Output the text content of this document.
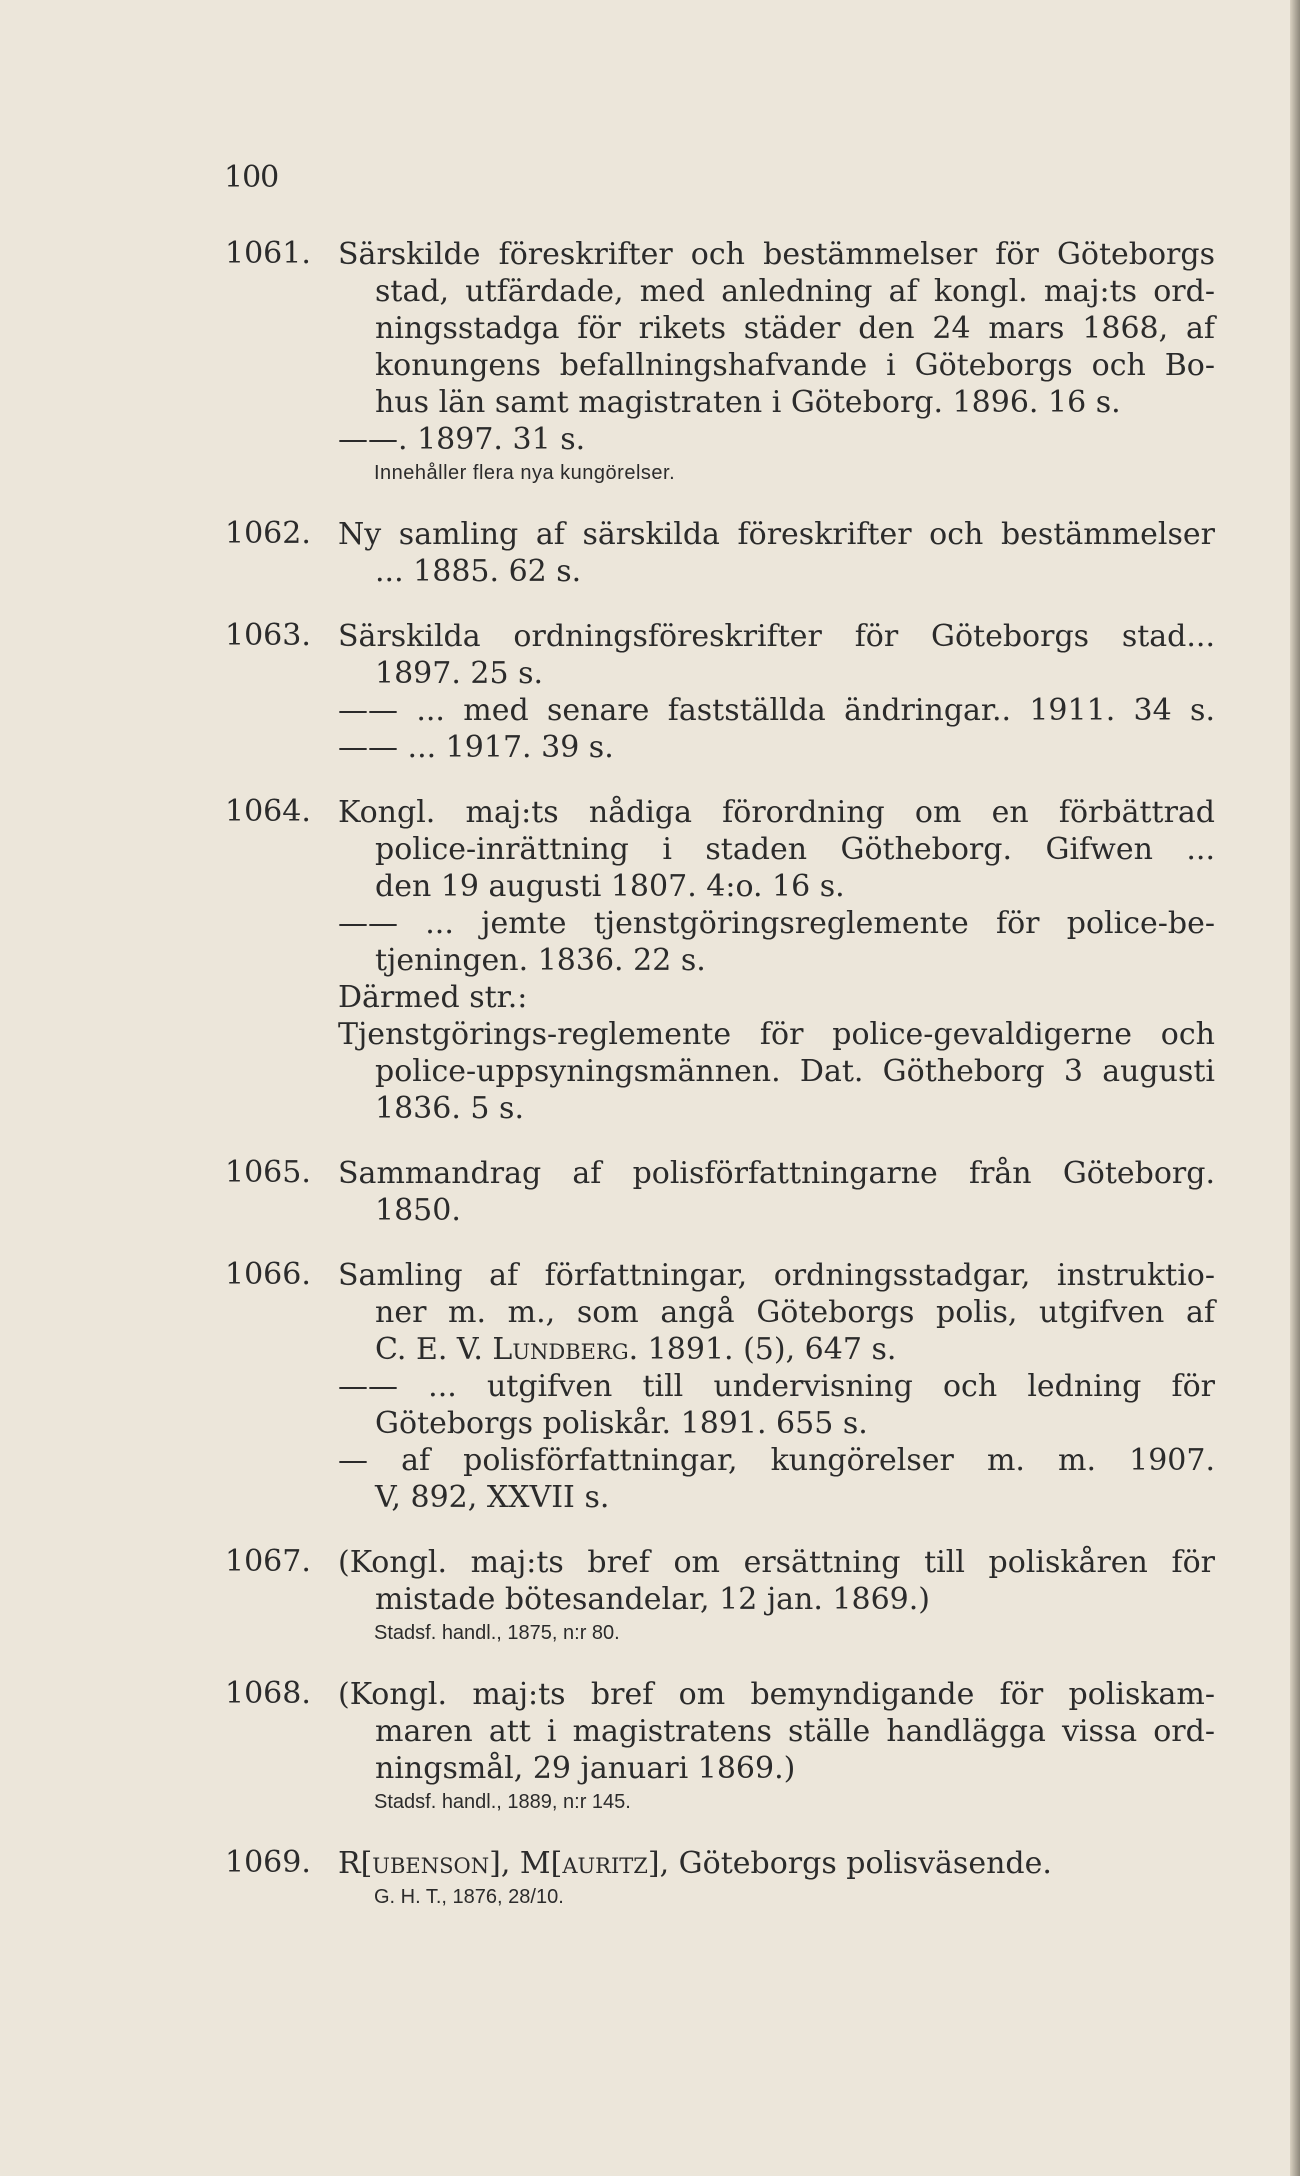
100
1061. Särskilde föreskrifter och bestämmelser för Göteborgs
stad, utfärdade, med anledning af kongl. maj:ts ord-
ningsstadga för rikets städer den 24 mars 1868, af
konungens befallningshafvande i Göteborgs och Bo-
hus län samt magistraten i Göteborg. 1896. 16 s.
——. 1897. 31 s.
Innehåller flera nya kungörelser.
1062. Ny samling af särskilda föreskrifter och bestämmelser
... 1885. 62 s.
1063. Särskilda ordningsföreskrifter för Göteborgs stad...
1897. 25 s.
—— ... med senare fastställda ändringar.. 1911. 34 s.
—— ... 1917. 39 s.
1064. Kongl. maj:ts nådiga förordning om en förbättrad
police-inrättning i staden Götheborg. Gifwen ...
den 19 augusti 1807. 4:o. 16 s.
—— ... jemte tjenstgöringsreglemente för police-be-
tjeningen. 1836. 22 s.
Därmed str.:
Tjenstgörings-reglemente för police-gevaldigerne och
police-uppsyningsmännen. Dat. Götheborg 3 augusti
1836. 5 s.
1065. Sammandrag af polisförfattningarne från Göteborg.
1850.
1066. Samling af författningar, ordningsstadgar, instruktio-
ner m. m., som angå Göteborgs polis, utgifven af
C. E. V. Lundberg. 1891. (5), 647 s.
—— ... utgifven till undervisning och ledning för
Göteborgs poliskår. 1891. 655 s.
— af polisförfattningar, kungörelser m. m. 1907.
V, 892, XXVII s.
1067. (Kongl. maj:ts bref om ersättning till poliskåren för
mistade bötesandelar, 12 jan. 1869.)
Stadsf. handl., 1875, n:r 80.
1068. (Kongl. maj:ts bref om bemyndigande för poliskam-
maren att i magistratens ställe handlägga vissa ord-
ningsmål, 29 januari 1869.)
Stadsf. handl., 1889, n:r 145.
1069. R[ubenson], M[auritz], Göteborgs polisväsende.
G. H. T., 1876, 28/10.
